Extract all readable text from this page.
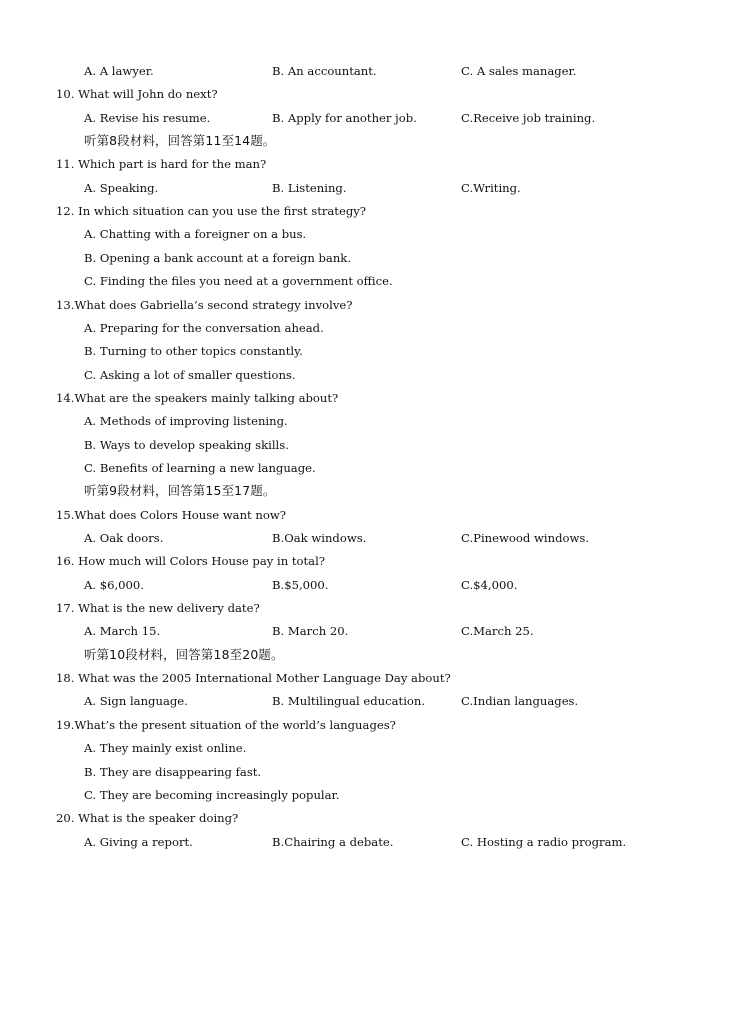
A. A lawyer.	B. An accountant.	C. A sales manager.
10. What will John do next?
A. Revise his resume.	B. Apply for another job.	C.Receive job training.
听第8段材料，回答第11至14题。
11. Which part is hard for the man?
A. Speaking.	B. Listening.	C.Writing.
12. In which situation can you use the first strategy?
A. Chatting with a foreigner on a bus.
B. Opening a bank account at a foreign bank.
C. Finding the files you need at a government office.
13.What does Gabriella’s second strategy involve?
A. Preparing for the conversation ahead.
B. Turning to other topics constantly.
C. Asking a lot of smaller questions.
14.What are the speakers mainly talking about?
A. Methods of improving listening.
B. Ways to develop speaking skills.
C. Benefits of learning a new language.
听第9段材料，回答第15至17题。
15.What does Colors House want now?
A. Oak doors.	B.Oak windows.	C.Pinewood windows.
16. How much will Colors House pay in total?
A. $6,000.	B.$5,000.	C.$4,000.
17. What is the new delivery date?
A. March 15.	B. March 20.	C.March 25.
听第10段材料，回答第18至20题。
18. What was the 2005 International Mother Language Day about?
A. Sign language.	B. Multilingual education.	C.Indian languages.
19.What’s the present situation of the world’s languages?
A. They mainly exist online.
B. They are disappearing fast.
C. They are becoming increasingly popular.
20. What is the speaker doing?
A. Giving a report.	B.Chairing a debate.	C. Hosting a radio program.
